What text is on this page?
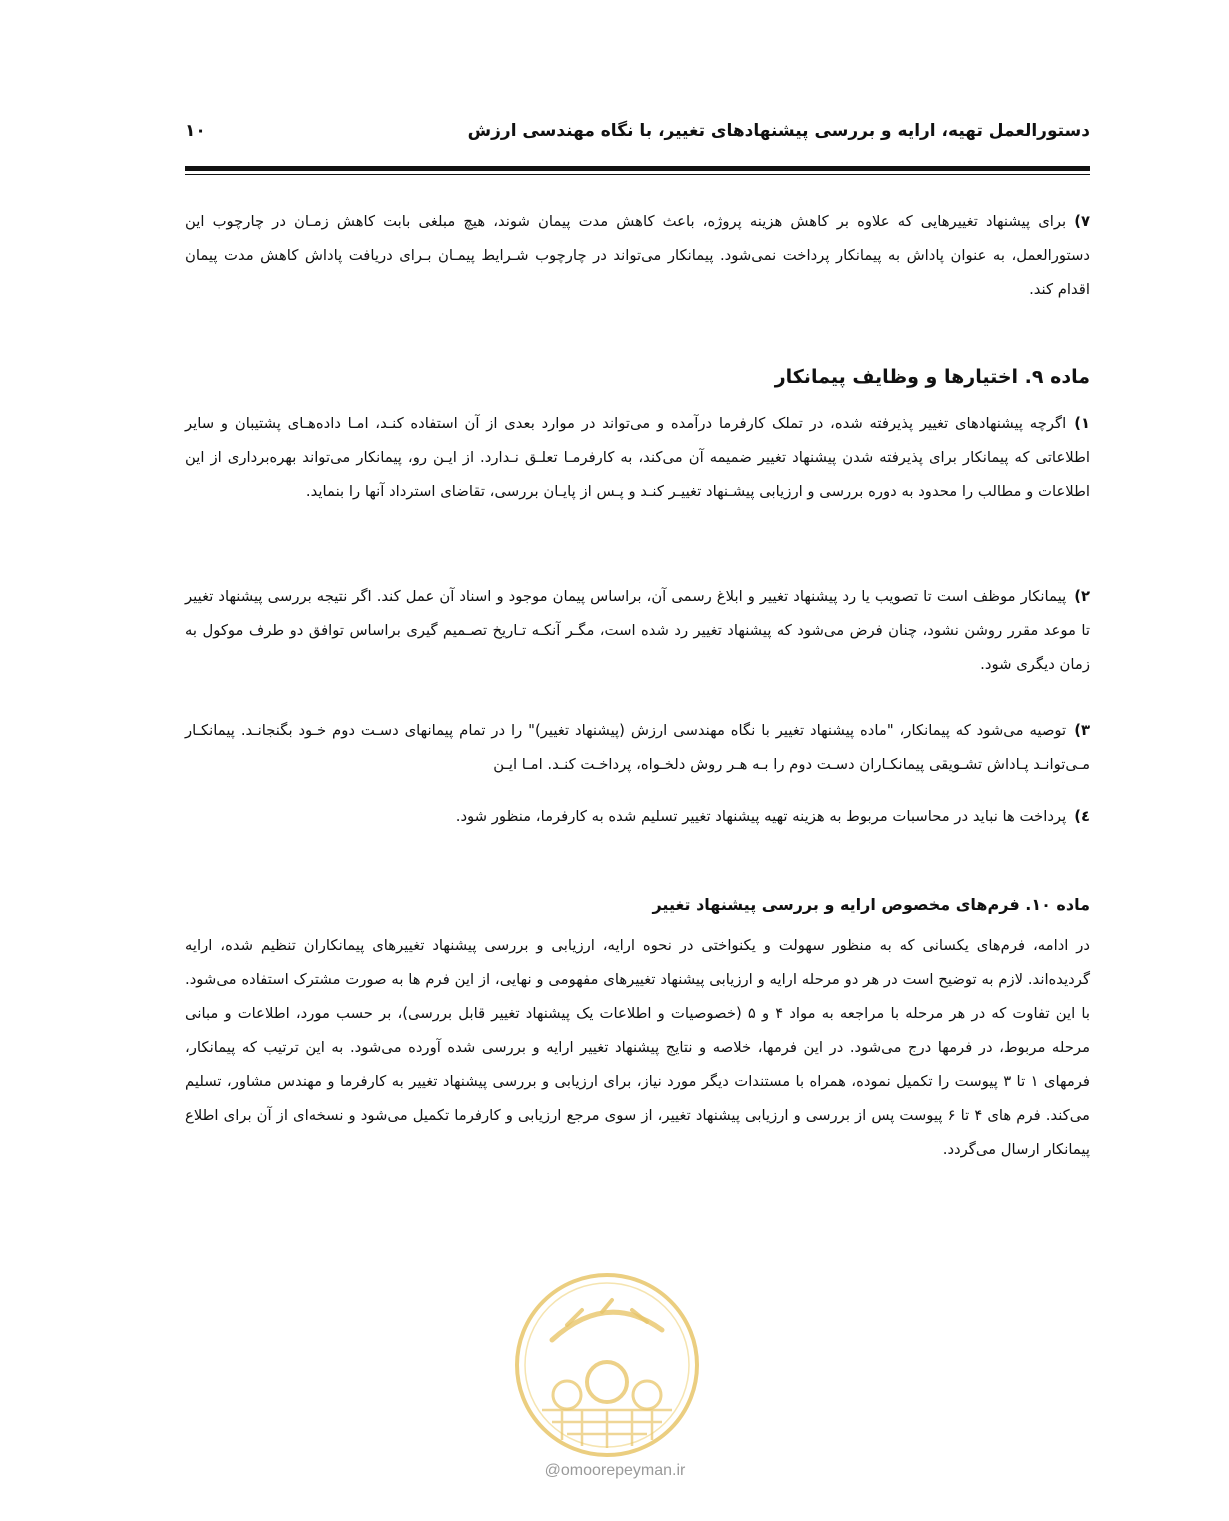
دستورالعمل تهیه، ارایه و بررسی پیشنهادهای تغییر، با نگاه مهندسی ارزش
۱۰
۷)برای پیشنهاد تغییرهایی که علاوه بر کاهش هزینه پروژه، باعث کاهش مدت پیمان شوند، هیچ مبلغی بابت کاهش زمـان در چارچوب این دستورالعمل، به عنوان پاداش به پیمانکار پرداخت نمی‌شود. پیمانکار می‌تواند در چارچوب شـرایط پیمـان بـرای دریافت پاداش کاهش مدت پیمان اقدام کند.
ماده ۹. اختیارها و وظایف پیمانکار
۱)اگرچه پیشنهادهای تغییر پذیرفته شده، در تملک کارفرما درآمده و می‌تواند در موارد بعدی از آن استفاده کنـد، امـا داده‌هـای پشتیبان و سایر اطلاعاتی که پیمانکار برای پذیرفته شدن پیشنهاد تغییر ضمیمه آن می‌کند، به کارفرمـا تعلـق نـدارد. از ایـن رو، پیمانکار می‌تواند بهره‌برداری از این اطلاعات و مطالب را محدود به دوره بررسی و ارزیابی پیشـنهاد تغییـر کنـد و پـس از پایـان بررسی، تقاضای استرداد آنها را بنماید.
۲)پیمانکار موظف است تا تصویب یا رد پیشنهاد تغییر و ابلاغ رسمی آن، براساس پیمان موجود و اسناد آن عمل کند. اگر نتیجه بررسی پیشنهاد تغییر تا موعد مقرر روشن نشود، چنان فرض می‌شود که پیشنهاد تغییر رد شده است، مگـر آنکـه تـاریخ تصـمیم گیری براساس توافق دو طرف موکول به زمان دیگری شود.
۳)توصیه می‌شود که پیمانکار، "ماده پیشنهاد تغییر با نگاه مهندسی ارزش (پیشنهاد تغییر)" را در تمام پیمانهای دسـت دوم خـود بگنجانـد. پیمانکـار مـی‌توانـد پـاداش تشـویقی پیمانکـاران دسـت دوم را بـه هـر روش دلخـواه، پرداخـت کنـد. امـا ایـن
٤)پرداخت ها نباید در محاسبات مربوط به هزینه تهیه پیشنهاد تغییر تسلیم شده به کارفرما، منظور شود.
ماده ۱۰. فرم‌های مخصوص ارایه و بررسی پیشنهاد تغییر
در ادامه، فرم‌های یکسانی که به منظور سهولت و یکنواختی در نحوه ارایه، ارزیابی و بررسی پیشنهاد تغییرهای پیمانکاران تنظیم شده، ارایه گردیده‌اند. لازم به توضیح است در هر دو مرحله ارایه و ارزیابی پیشنهاد تغییرهای مفهومی و نهایی، از این فرم ها به صورت مشترک استفاده می‌شود. با این تفاوت که در هر مرحله با مراجعه به مواد ۴ و ۵ (خصوصیات و اطلاعات یک پیشنهاد تغییر قابل بررسی)، بر حسب مورد، اطلاعات و مبانی مرحله مربوط، در فرمها درج می‌شود. در این فرمها، خلاصه و نتایج پیشنهاد تغییر ارایه و بررسی شده آورده می‌شود. به این ترتیب که پیمانکار، فرمهای ۱ تا ۳ پیوست را تکمیل نموده، همراه با مستندات دیگر مورد نیاز، برای ارزیابی و بررسی پیشنهاد تغییر به کارفرما و مهندس مشاور، تسلیم می‌کند. فرم های ۴ تا ۶ پیوست پس از بررسی و ارزیابی پیشنهاد تغییر، از سوی مرجع ارزیابی و کارفرما تکمیل می‌شود و نسخه‌ای از آن برای اطلاع پیمانکار ارسال می‌گردد.
@omoorepeyman.ir
